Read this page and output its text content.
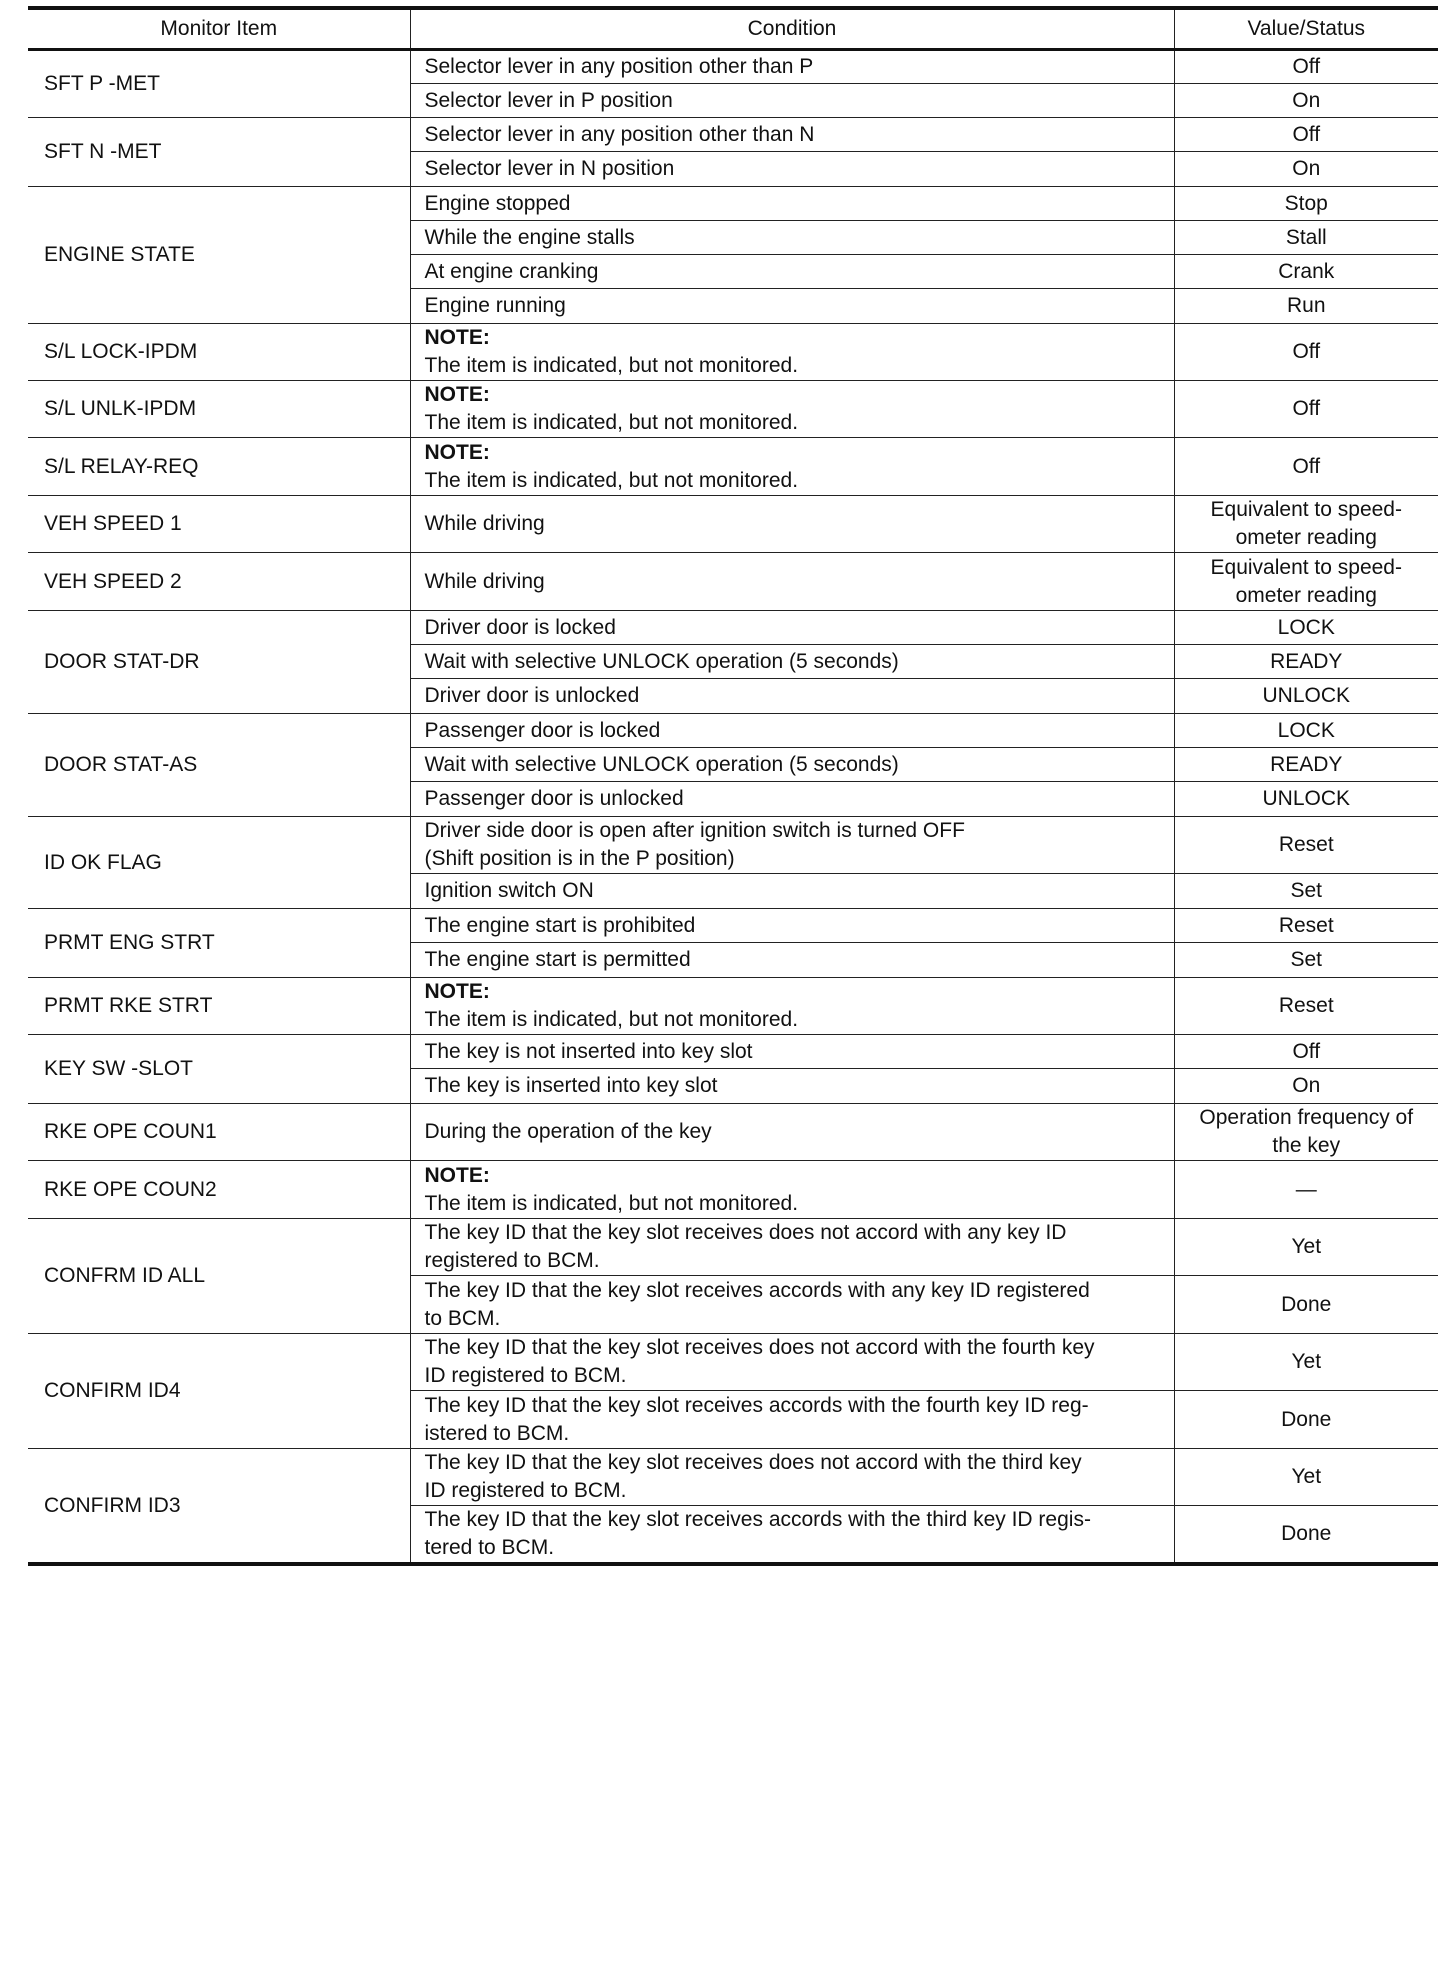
Monitor Item	Condition	Value/Status
SFT P -MET	Selector lever in any position other than P	Off
	Selector lever in P position	On
SFT N -MET	Selector lever in any position other than N	Off
	Selector lever in N position	On
ENGINE STATE	Engine stopped	Stop
	While the engine stalls	Stall
	At engine cranking	Crank
	Engine running	Run
S/L LOCK-IPDM	NOTE:
The item is indicated, but not monitored.	Off
S/L UNLK-IPDM	NOTE:
The item is indicated, but not monitored.	Off
S/L RELAY-REQ	NOTE:
The item is indicated, but not monitored.	Off
VEH SPEED 1	While driving	Equivalent to speed-
ometer reading
VEH SPEED 2	While driving	Equivalent to speed-
ometer reading
DOOR STAT-DR	Driver door is locked	LOCK
	Wait with selective UNLOCK operation (5 seconds)	READY
	Driver door is unlocked	UNLOCK
DOOR STAT-AS	Passenger door is locked	LOCK
	Wait with selective UNLOCK operation (5 seconds)	READY
	Passenger door is unlocked	UNLOCK
ID OK FLAG	Driver side door is open after ignition switch is turned OFF
(Shift position is in the P position)	Reset
	Ignition switch ON	Set
PRMT ENG STRT	The engine start is prohibited	Reset
	The engine start is permitted	Set
PRMT RKE STRT	NOTE:
The item is indicated, but not monitored.	Reset
KEY SW -SLOT	The key is not inserted into key slot	Off
	The key is inserted into key slot	On
RKE OPE COUN1	During the operation of the key	Operation frequency of
the key
RKE OPE COUN2	NOTE:
The item is indicated, but not monitored.	—
CONFRM ID ALL	The key ID that the key slot receives does not accord with any key ID
registered to BCM.	Yet
	The key ID that the key slot receives accords with any key ID registered
to BCM.	Done
CONFIRM ID4	The key ID that the key slot receives does not accord with the fourth key
ID registered to BCM.	Yet
	The key ID that the key slot receives accords with the fourth key ID reg-
istered to BCM.	Done
CONFIRM ID3	The key ID that the key slot receives does not accord with the third key
ID registered to BCM.	Yet
	The key ID that the key slot receives accords with the third key ID regis-
tered to BCM.	Done
